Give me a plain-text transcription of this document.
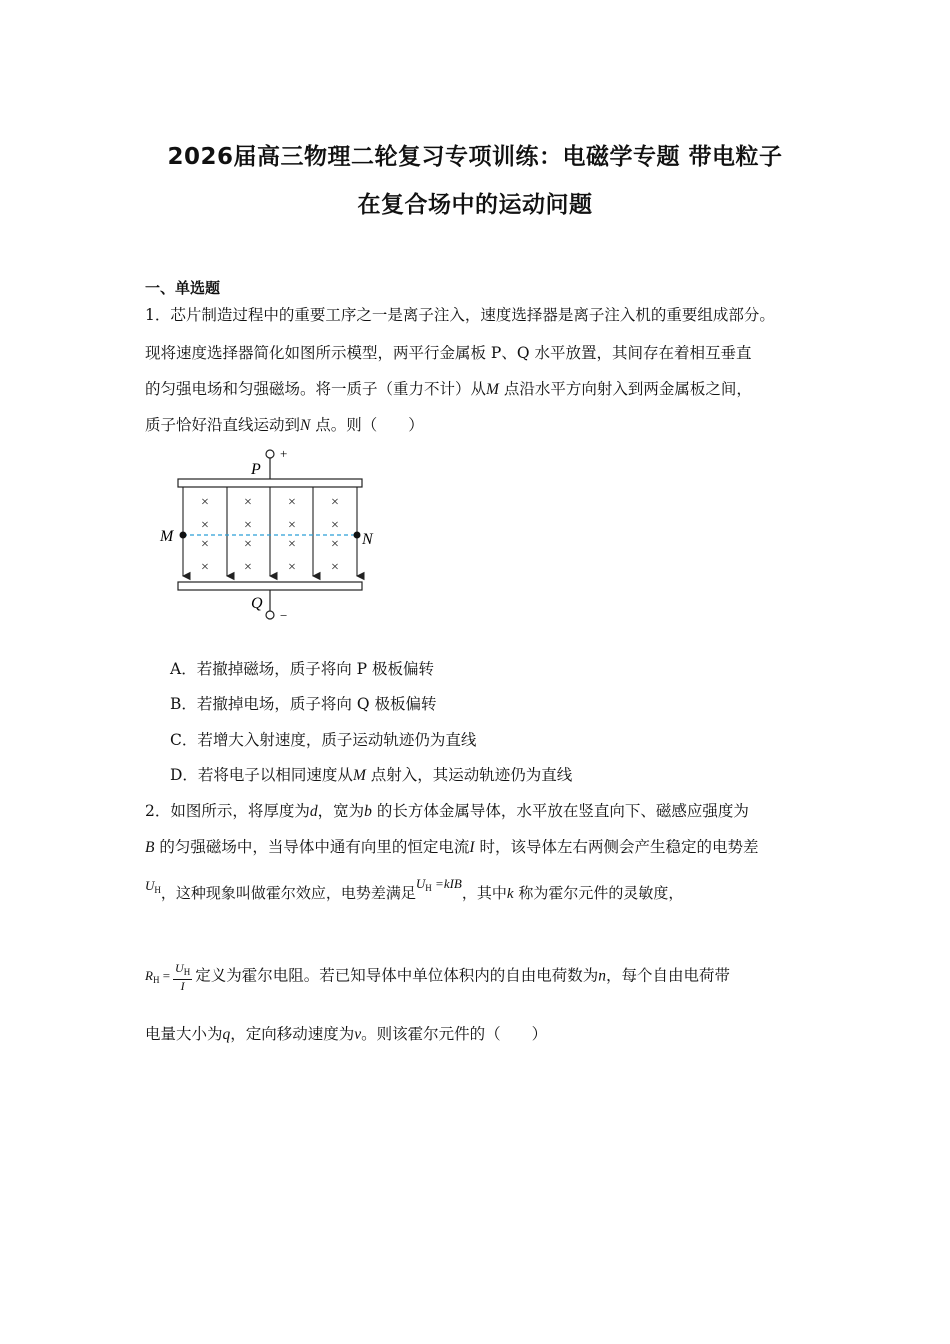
2026届高三物理二轮复习专项训练：电磁学专题 带电粒子
在复合场中的运动问题
一、单选题
1．芯片制造过程中的重要工序之一是离子注入，速度选择器是离子注入机的重要组成部分。
现将速度选择器简化如图所示模型，两平行金属板 P、Q 水平放置，其间存在着相互垂直
的匀强电场和匀强磁场。将一质子（重力不计）从M 点沿水平方向射入到两金属板之间，
质子恰好沿直线运动到N 点。则（　　）
+
P
Q
−
×	×	×	×
×	×	×	×
×	×	×	×
×	×	×	×
M	N
A．若撤掉磁场，质子将向 P 极板偏转
B．若撤掉电场，质子将向 Q 极板偏转
C．若增大入射速度，质子运动轨迹仍为直线
D．若将电子以相同速度从M 点射入，其运动轨迹仍为直线
2．如图所示，将厚度为d，宽为b 的长方体金属导体，水平放在竖直向下、磁感应强度为
B 的匀强磁场中，当导体中通有向里的恒定电流I 时，该导体左右两侧会产生稳定的电势差
$U_H$，这种现象叫做霍尔效应，电势差满足$U_H =kIB$，其中k 称为霍尔元件的灵敏度，
$R_H = \frac{U_H}{I}$ 定义为霍尔电阻。若已知导体中单位体积内的自由电荷数为n，每个自由电荷带
电量大小为q，定向移动速度为v。则该霍尔元件的（　　）
